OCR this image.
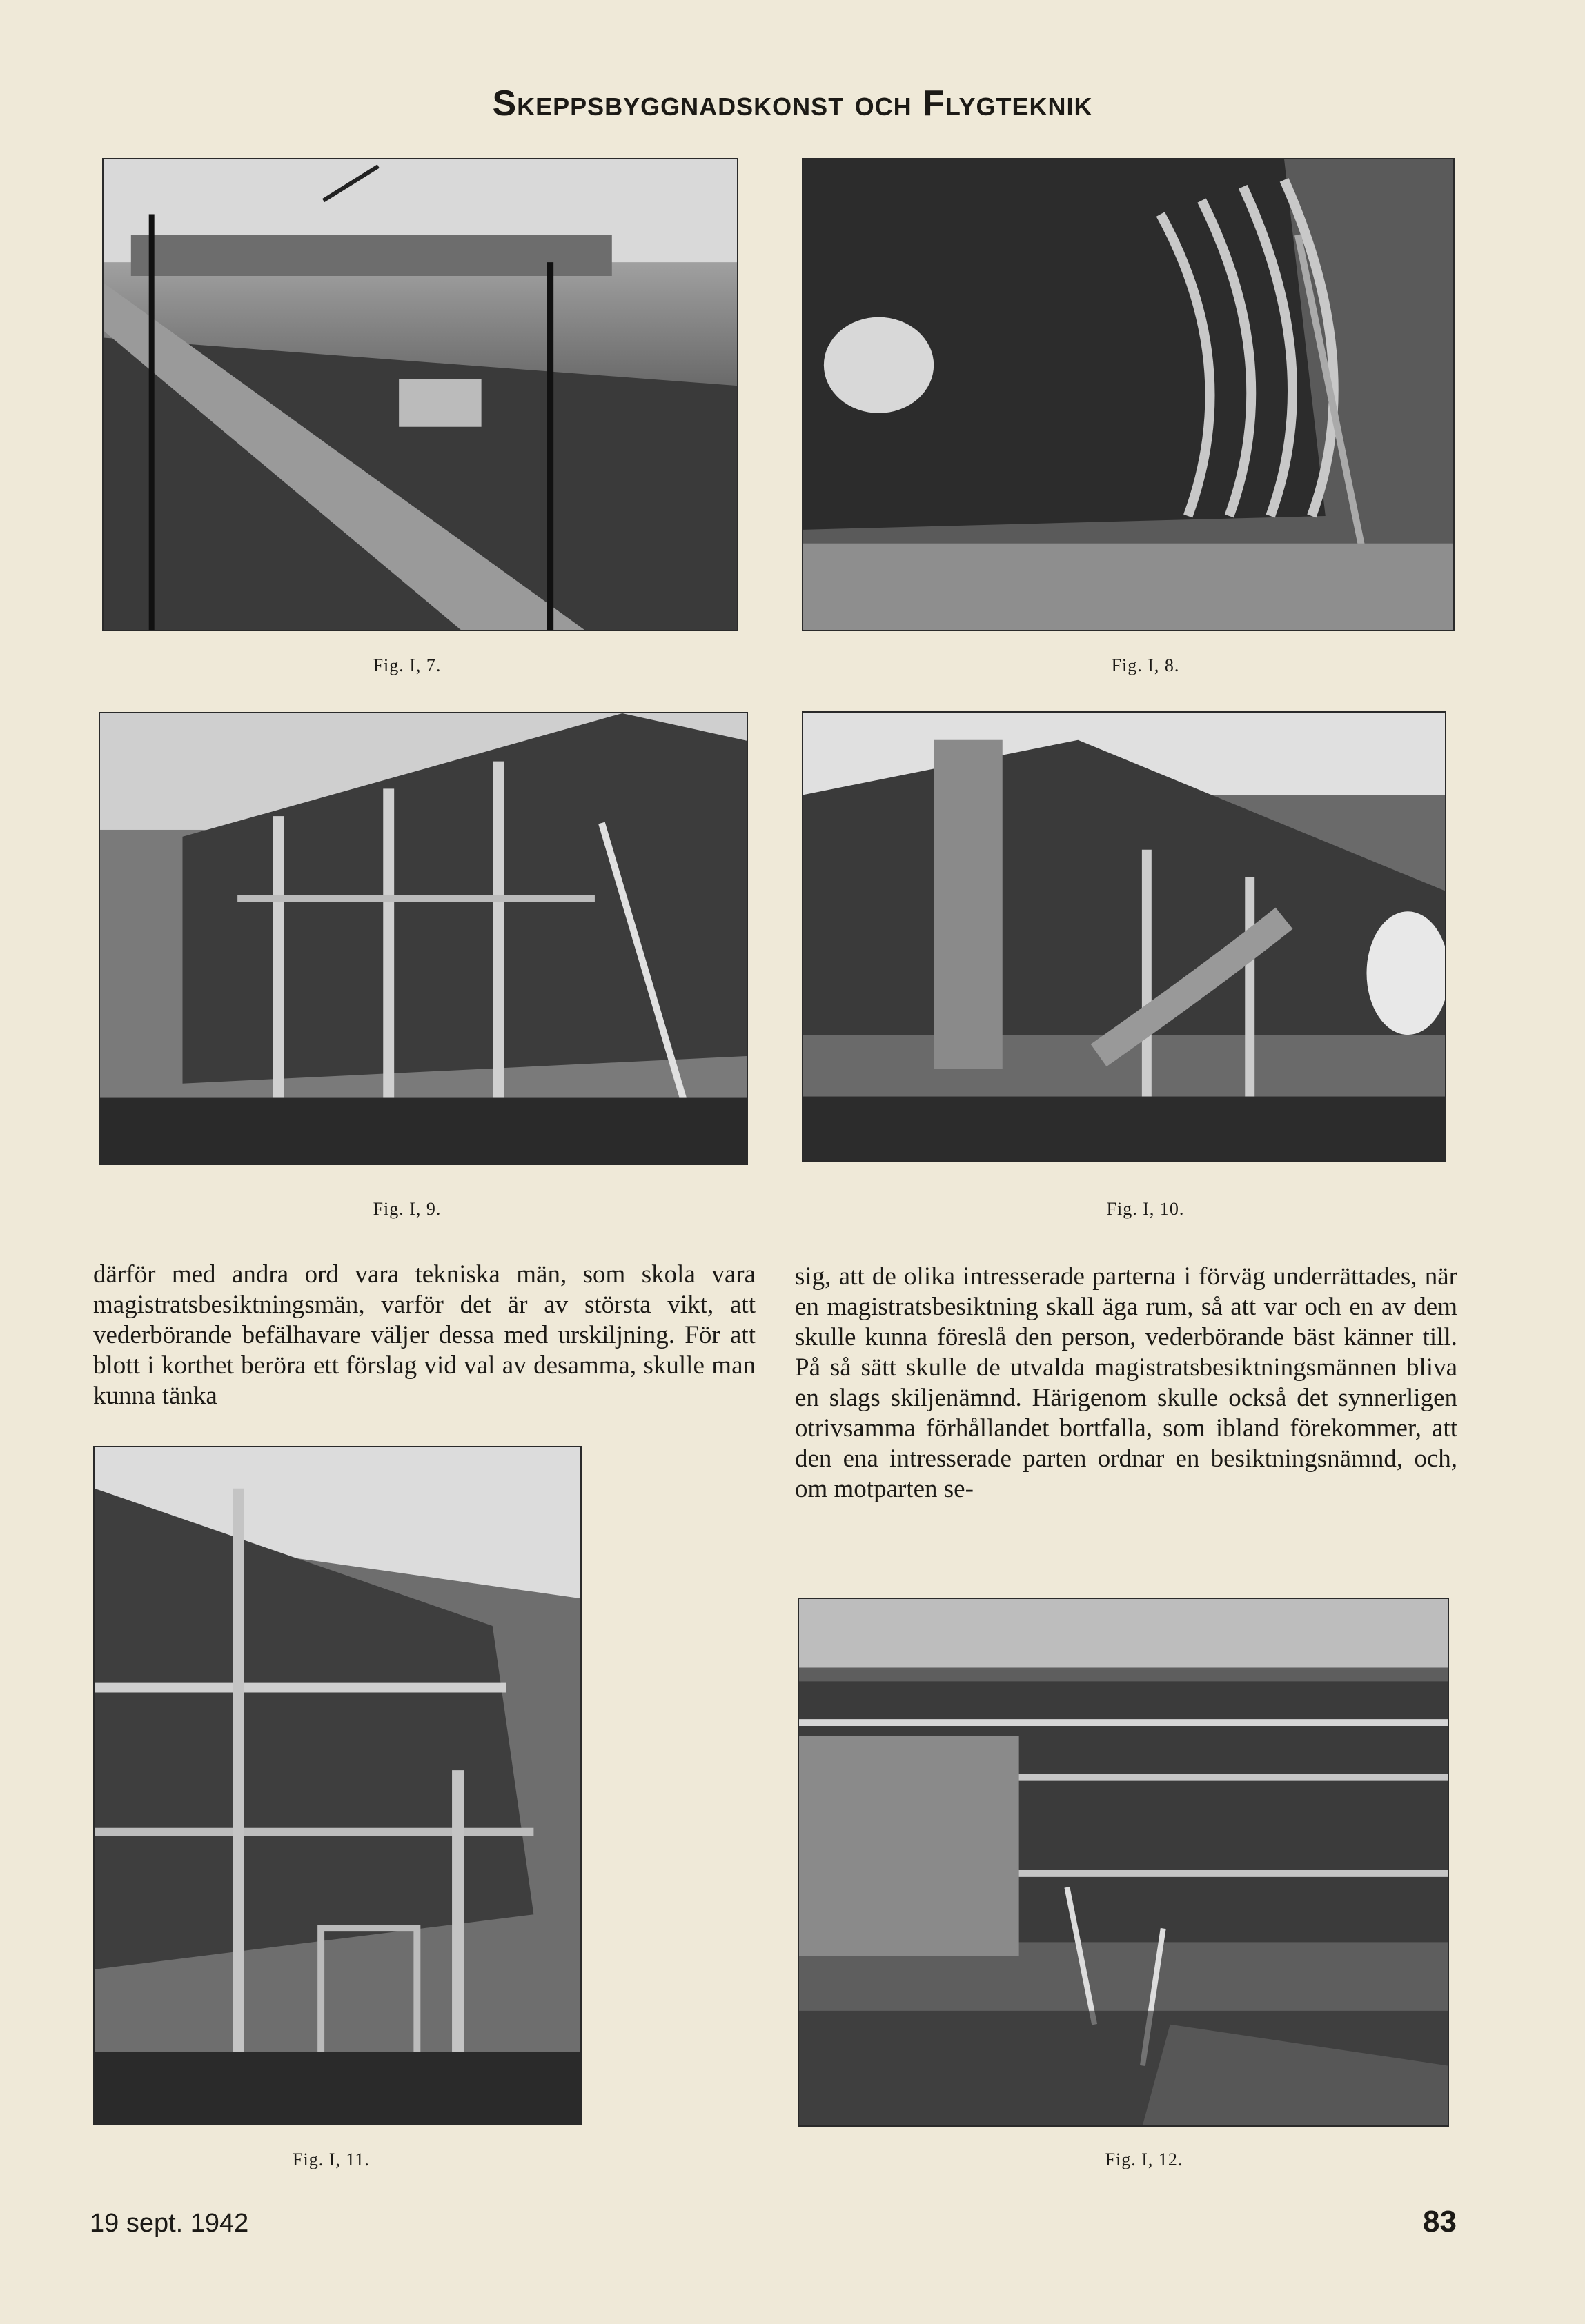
Skeppsbyggnadskonst och Flygteknik
Fig. I, 7.	Fig. I, 8.
Fig. I, 9.	Fig. I, 10.

därför med andra ord vara tekniska män, som skola vara magistratsbesiktningsmän, varför det är av största vikt, att vederbörande befälhavare väljer dessa med urskiljning. För att blott i korthet beröra ett förslag vid val av desamma, skulle man kunna tänka

sig, att de olika intresserade parterna i förväg underrättades, när en magistratsbesiktning skall äga rum, så att var och en av dem skulle kunna föreslå den person, vederbörande bäst känner till. På så sätt skulle de utvalda magistratsbesiktningsmännen bliva en slags skiljenämnd. Härigenom skulle också det synnerligen otrivsamma förhållandet bortfalla, som ibland förekommer, att den ena intresserade parten ordnar en besiktningsnämnd, och, om motparten se-

Fig. I, 11.	Fig. I, 12.
19 sept. 1942	83
